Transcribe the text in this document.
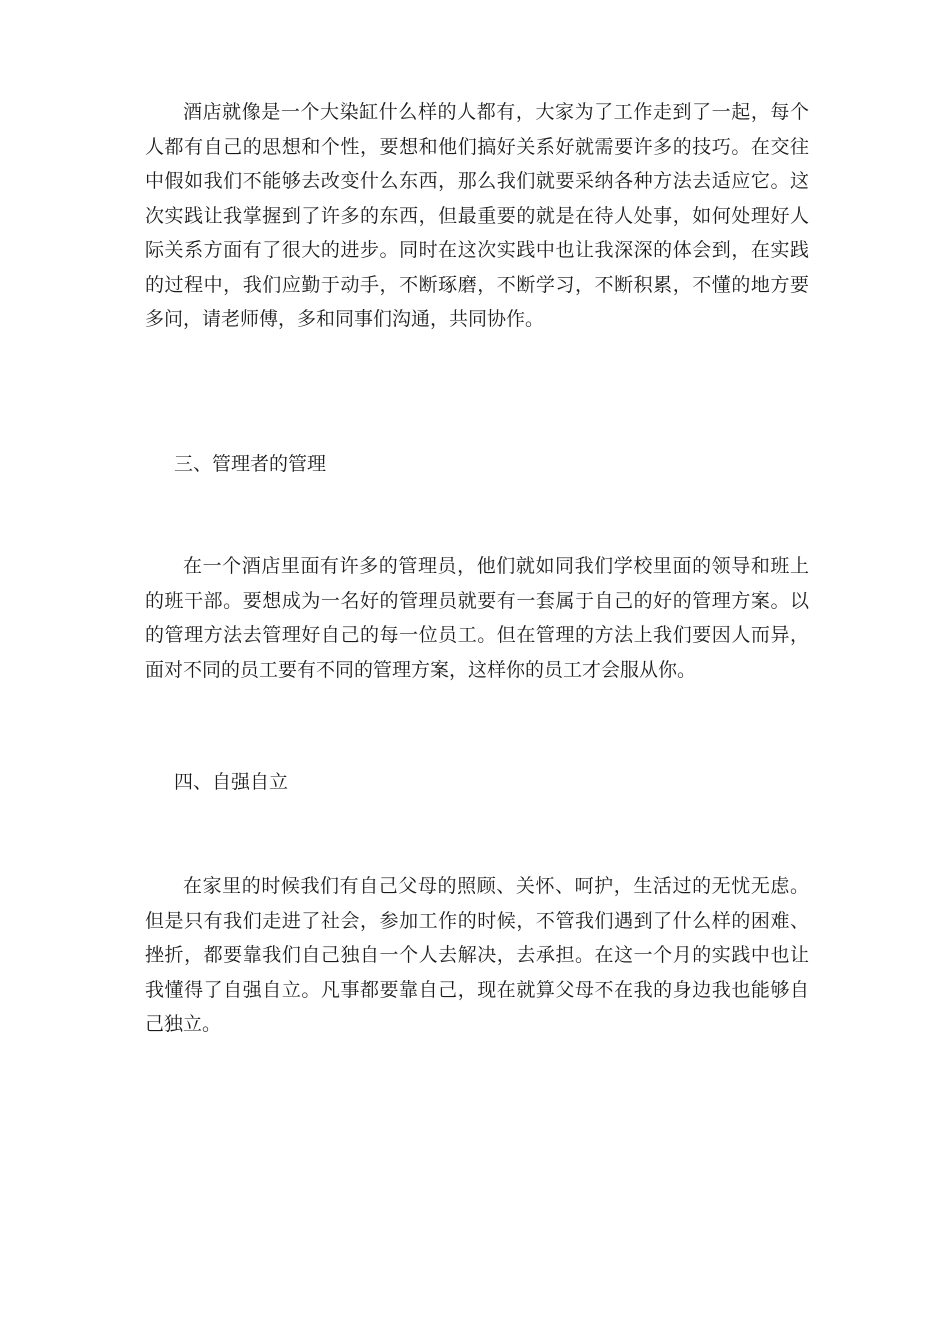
酒店就像是一个大染缸什么样的人都有，大家为了工作走到了一起，每个人都有自己的思想和个性，要想和他们搞好关系好就需要许多的技巧。在交往中假如我们不能够去改变什么东西，那么我们就要采纳各种方法去适应它。这次实践让我掌握到了许多的东西，但最重要的就是在待人处事，如何处理好人际关系方面有了很大的进步。同时在这次实践中也让我深深的体会到，在实践的过程中，我们应勤于动手，不断琢磨，不断学习，不断积累，不懂的地方要多问，请老师傅，多和同事们沟通，共同协作。

三、管理者的管理

在一个酒店里面有许多的管理员，他们就如同我们学校里面的领导和班上的班干部。要想成为一名好的管理员就要有一套属于自己的好的管理方案。以的管理方法去管理好自己的每一位员工。但在管理的方法上我们要因人而异，面对不同的员工要有不同的管理方案，这样你的员工才会服从你。

四、自强自立

在家里的时候我们有自己父母的照顾、关怀、呵护，生活过的无忧无虑。但是只有我们走进了社会，参加工作的时候，不管我们遇到了什么样的困难、挫折，都要靠我们自己独自一个人去解决，去承担。在这一个月的实践中也让我懂得了自强自立。凡事都要靠自己，现在就算父母不在我的身边我也能够自己独立。
